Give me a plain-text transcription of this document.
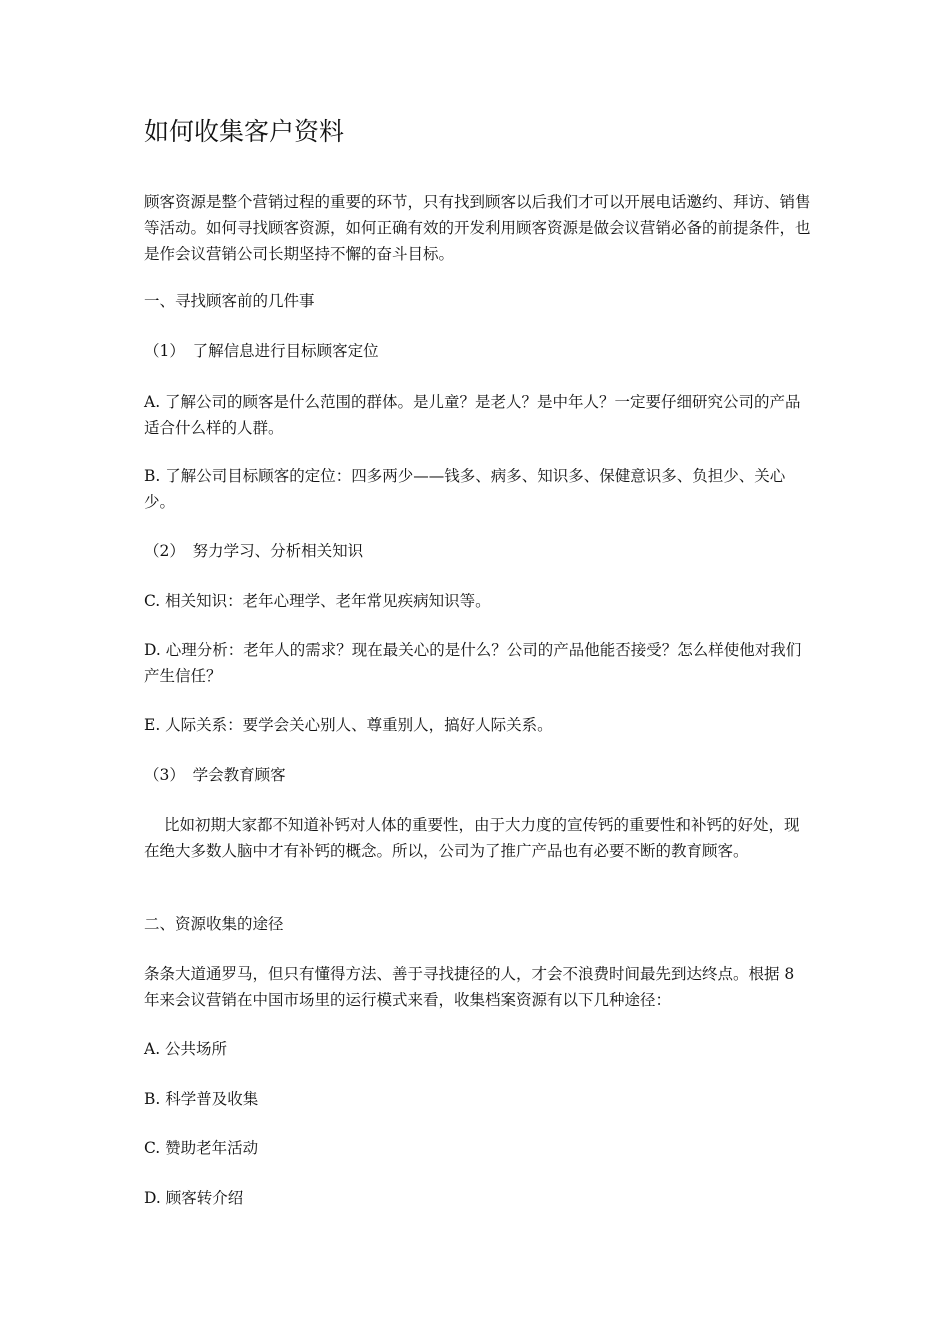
如何收集客户资料

顾客资源是整个营销过程的重要的环节，只有找到顾客以后我们才可以开展电话邀约、拜访、销售等活动。如何寻找顾客资源，如何正确有效的开发利用顾客资源是做会议营销必备的前提条件，也是作会议营销公司长期坚持不懈的奋斗目标。

一、寻找顾客前的几件事

（1）　了解信息进行目标顾客定位

A. 了解公司的顾客是什么范围的群体。是儿童？是老人？是中年人？一定要仔细研究公司的产品适合什么样的人群。

B. 了解公司目标顾客的定位：四多两少——钱多、病多、知识多、保健意识多、负担少、关心少。

（2）　努力学习、分析相关知识

C. 相关知识：老年心理学、老年常见疾病知识等。

D. 心理分析：老年人的需求？现在最关心的是什么？公司的产品他能否接受？怎么样使他对我们产生信任？

E. 人际关系：要学会关心别人、尊重别人，搞好人际关系。

（3）　学会教育顾客

比如初期大家都不知道补钙对人体的重要性，由于大力度的宣传钙的重要性和补钙的好处，现在绝大多数人脑中才有补钙的概念。所以，公司为了推广产品也有必要不断的教育顾客。

二、资源收集的途径

条条大道通罗马，但只有懂得方法、善于寻找捷径的人，才会不浪费时间最先到达终点。根据 8 年来会议营销在中国市场里的运行模式来看，收集档案资源有以下几种途径：

A. 公共场所

B. 科学普及收集

C. 赞助老年活动

D. 顾客转介绍
